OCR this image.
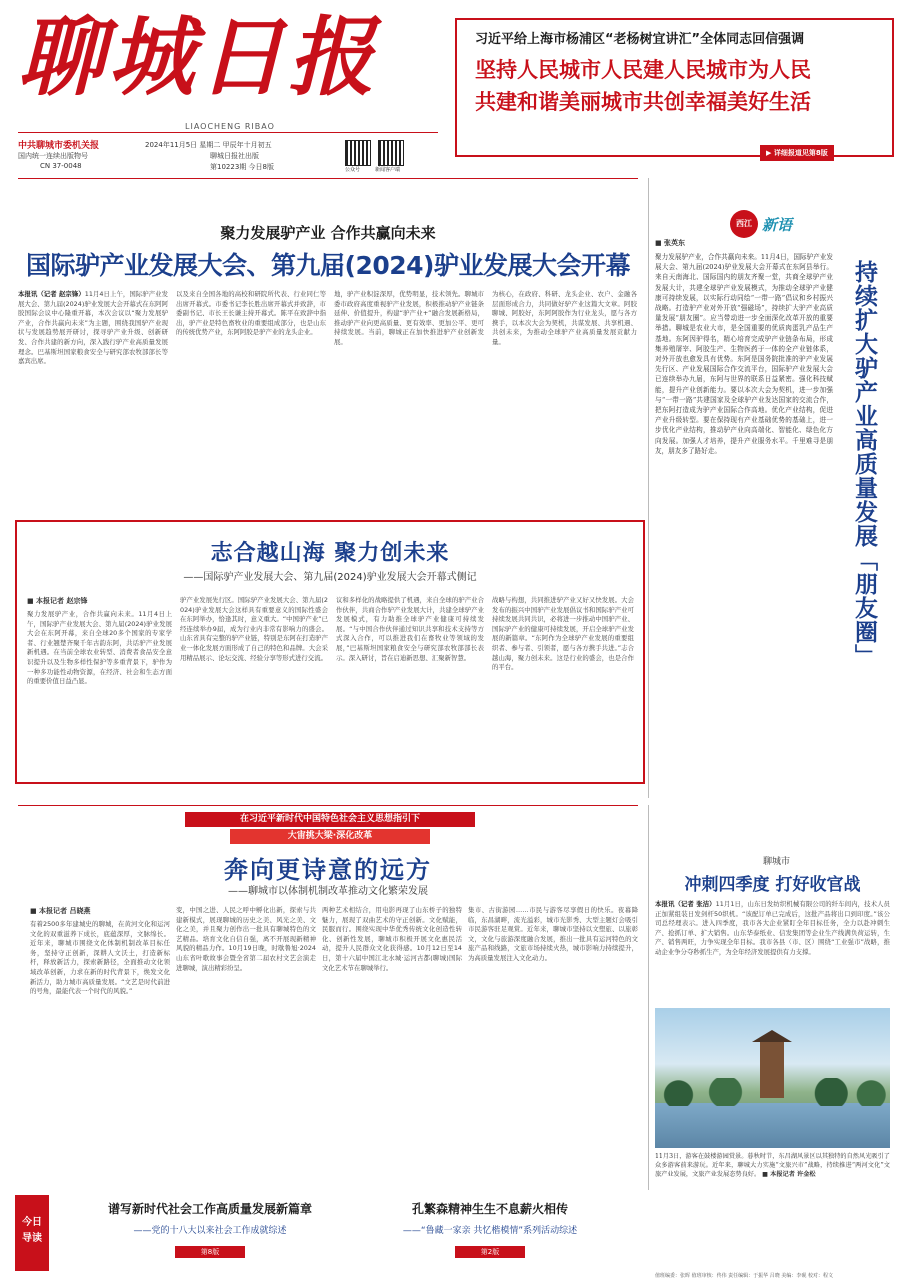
聊城日报
LIAOCHENG RIBAO
中共聊城市委机关报
国内统一连续出版物号
CN 37-0048
2024年11月5日 星期二 甲辰年十月初五
聊城日报社出版
第10223期 今日8版	公众号	新闻客户端
习近平给上海市杨浦区“老杨树宜讲汇”全体同志回信强调
坚持人民城市人民建人民城市为人民
共建和谐美丽城市共创幸福美好生活
▶ 详细报道见第8版
聚力发展驴产业 合作共赢向未来
国际驴产业发展大会、第九届(2024)驴业发展大会开幕
本报讯（记者 赵宗锋）11月4日上午，国际驴产业发展大会、第九届(2024)驴业发展大会开幕式在东阿阿胶国际会议中心隆重开幕，本次会议以“聚力发展驴产业，合作共赢向未来”为主题，围绕我国驴产业现状与发展趋势展开研讨，探寻驴产业升级、创新研发、合作共建的新方向，深入践行驴产业高质量发展理念。巴基斯坦国家粮食安全与研究部农牧部部长等嘉宾出席。
以及来自全国各地的高校和研院所代表、行业同仁等出席开幕式。市委书记李长胜出席开幕式并致辞，市委副书记、市长王长谦主持开幕式。陈平在致辞中指出，驴产业是特色畜牧业的重要组成部分，也是山东的传统优势产业，东阿阿胶是驴产业的龙头企业。
地，驴产业积淀深厚，优势明显，技术领先。聊城市委市政府高度重视驴产业发展，积极推动驴产业链条延伸、价值提升，构建“驴产业+”融合发展新格局，推动驴产业向更高质量、更有效率、更加公平、更可持续发展。当前，聊城正在加快推进驴产业创新发展。
为核心，在政府、科研、龙头企业、农户、金融各层面形成合力，共同做好驴产业这篇大文章。阿胶聊城、阿胶好，东阿阿胶作为行业龙头，愿与各方携手，以本次大会为契机，共谋发展、共享机遇、共创未来，为推动全球驴产业高质量发展贡献力量。
志合越山海 聚力创未来
——国际驴产业发展大会、第九届(2024)驴业发展大会开幕式侧记
■ 本报记者 赵宗锋
聚力发展驴产业，合作共赢向未来。11月4日上午，国际驴产业发展大会、第九届(2024)驴业发展大会在东阿开幕，来自全球20多个国家的专家学者、行业翘楚齐聚千年古韵东阿，共话驴产业发展新机遇。在当前全球农业转型、消费者食品安全意识提升以及生物多样性保护等多重背景下，驴作为一种多功能性动物资源，在经济、社会和生态方面的重要价值日益凸显。
驴产业发展先行区。国际驴产业发展大会、第九届(2024)驴业发展大会这样具有重要意义的国际性盛会在东阿举办，恰逢其时，意义重大。“中国驴产业”已经连续举办9届，成为行业内非常有影响力的盛会。山东省具有完整的驴产业链，特别是东阿在打造驴产业一体化发展方面形成了自己的特色和品牌。大会采用精品展示、论坛交流、经验分享等形式进行交流。
议和多样化的战略提供了机遇，来自全球的驴产业合作伙伴，共商合作驴产业发展大计，共建全球驴产业发展模式，有力助推全球驴产业健康可持续发展。“与中国合作伙伴通过知识共享和技术支持等方式深入合作，可以推进我们在畜牧业等领域的发展，”巴基斯坦国家粮食安全与研究部农牧部部长表示。深入研讨，旨在启迪新思想、汇聚新智慧。
战略与构想，共同推进驴产业又好又快发展。大会发布的振兴中国驴产业发展倡议书和国际驴产业可持续发展共同共识，必将进一步推动中国驴产业、国际驴产业的健康可持续发展，开启全球驴产业发展的新篇章。“东阿作为全球驴产业发展的重要组织者、参与者、引领者，愿与各方携手共进。”志合越山海，聚力创未来。这是行业的盛会，也是合作的平台。
西江 新语
■ 张英东
聚力发展驴产业，合作共赢向未来。11月4日，国际驴产业发展大会、第九届(2024)驴业发展大会开幕式在东阿县举行。来自天南海北、国际国内的朋友齐聚一堂，共商全球驴产业发展大计，共建全球驴产业发展模式，为推动全球驴产业健康可持续发展，以实际行动同绘“一带一路”倡议和乡村振兴战略。打造驴产业对外开放“强磁场”，持续扩大驴产业高质量发展“朋友圈”。应当带动进一步全面深化改革开放的重要举措。聊城是农业大市，是全国重要的优质肉蛋乳产品生产基地。东阿因驴得名，精心培育完成驴产业链条布局，形成集养殖屠宰、阿胶生产、生物医药于一体的全产业链体系，对外开放也愈发具有优势。东阿是国务院批准的驴产业发展先行区、产业发展国际合作交流平台，国际驴产业发展大会已连续举办九届，东阿与世界的联系日益紧密。强化科技赋能，提升产业创新能力。要以本次大会为契机，进一步加强与“一带一路”共建国家及全球驴产业发达国家的交流合作，把东阿打造成为驴产业国际合作高地。优化产业结构，促进产业升级转型。要在保持现有产业基础优势的基础上，进一步优化产业结构，推动驴产业向高端化、智能化、绿色化方向发展。加强人才培养，提升产业服务水平。千里难寻是朋友，朋友多了路好走。	持续扩大驴产业高质量发展「朋友圈」
在习近平新时代中国特色社会主义思想指引下
大宙挑大梁·深化改革
奔向更诗意的远方
——聊城市以体制机制改革推动文化繁荣发展
■ 本报记者 吕晓燕
有着2500多年建城史的聊城，在黄河文化和运河文化的双重滋养下成长，底蕴深厚，文脉绵长。近年来，聊城市围绕文化体制机制改革目标任务，坚持守正创新，深耕人文沃土，打造新标杆，释放新活力，探索新路径，全面推动文化领域改革创新，力求在新的时代背景下，焕发文化新活力，助力城市高质量发展。“文艺是时代前进的号角，最能代表一个时代的风貌。”
变，中国之进、人民之呼中孵化出新，探索与共建新模式，展现聊城的历史之美、风光之美、文化之美，并且聚力创作出一批具有聊城特色的文艺精品。培育文化自信自强，离不开展现新精神风貌的精品力作。10月19日晚，时歇鲁旭·2024山东省叶歌故事会暨全省第二届农村文艺会演走进聊城，演出精彩纷呈。
两种艺术相结合，用电影再现了山东桥子的独特魅力，展现了双曲艺术的守正创新。文化赋能，民服而行。围绕实现中华优秀传统文化创造性转化、创新性发展，聊城市积极开展文化惠民活动，提升人民群众文化获得感。10月12日至14日，第十六届中国江北水城·运河古都(聊城)国际文化艺术节在聊城举行。
集市、古街游园……市民与游客尽享假日的快乐。夜幕降临，东昌湖畔，流光溢彩，城市光影秀、大型主题灯会吸引市民游客驻足观赏。近年来，聊城市坚持以文塑旅、以旅彰文，文化与旅游深度融合发展，推出一批具有运河特色的文旅产品和线路，文旅市场持续火热，城市影响力持续提升，为高质量发展注入文化动力。
聊城市
冲刺四季度 打好收官战
本报讯（记者 张洁）11月1日，山东日发纺织机械有限公司的纤车间内，技术人员正加紧组装日发剑杆50织机。“该配订单已完成后，这批产品将出口到印度。”该公司总经理表示。进入四季度，我市各大企业紧盯全年目标任务，全力以赴冲刺生产、抢抓订单、扩大销售。山东华泰纸业、信发集团等企业生产线满负荷运转，生产、销售两旺，力争实现全年目标。我市各县（市、区）围绕“工业强市”战略，推动企业争分夺秒抓生产，为全年经济发展提供有力支撑。
11月3日，游客在鼓楼游园赏景。暮秋时节，东昌湖风景区以其独特的自然风光吸引了众多游客前来游玩。近年来，聊城大力实施“文旅兴市”战略，持续推进“两河文化”文旅产业发展，文旅产业发展态势良好。 ■ 本报记者 许金松
今日
导读
谱写新时代社会工作高质量发展新篇章
——党的十八大以来社会工作成就综述
第8版
孔繁森精神生生不息薪火相传
——“鲁藏一家亲 共忆楷模情”系列活动综述
第2版
值班编委：张晖 值班审核：佟伟 责任编辑：于振华 吕晓 美编：李砚 校对：程文
